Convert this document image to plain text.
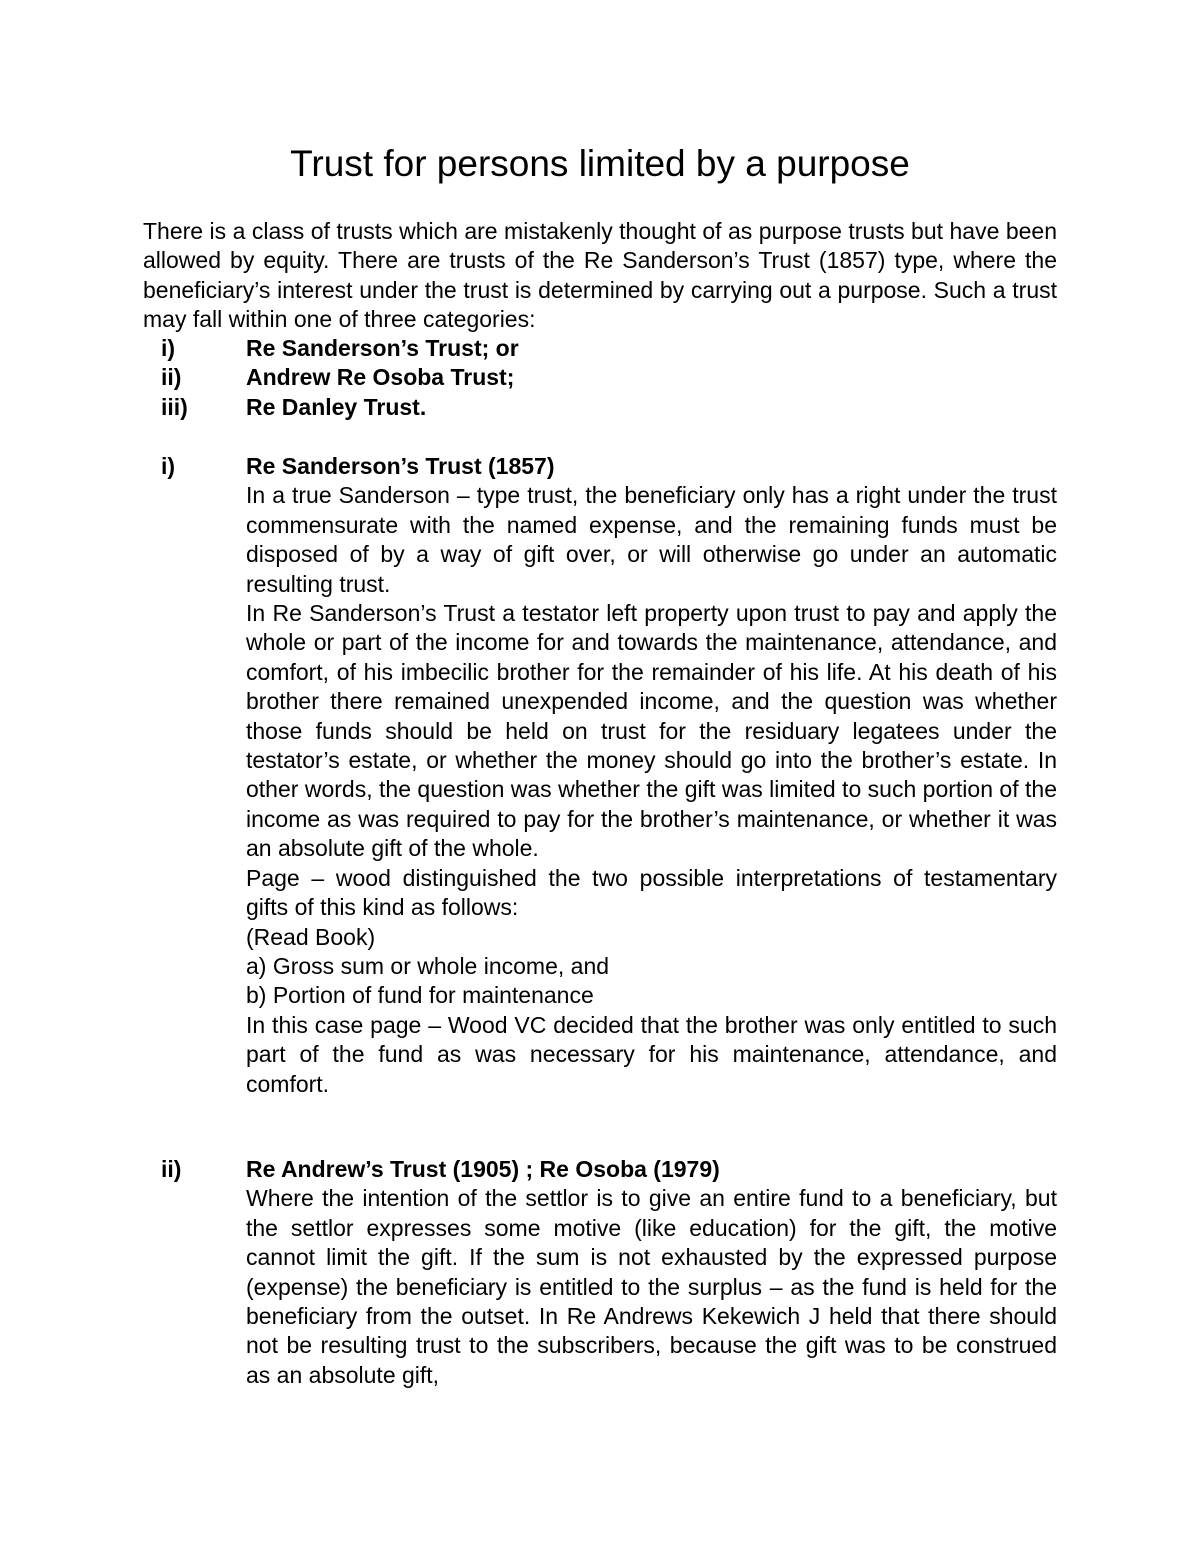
Trust for persons limited by a purpose

There is a class of trusts which are mistakenly thought of as purpose trusts but have been allowed by equity. There are trusts of the Re Sanderson’s Trust (1857) type, where the beneficiary’s interest under the trust is determined by carrying out a purpose. Such a trust may fall within one of three categories:

i)	Re Sanderson’s Trust; or
ii)	Andrew Re Osoba Trust;
iii)	Re Danley Trust.
i)	Re Sanderson’s Trust (1857)

In a true Sanderson – type trust, the beneficiary only has a right under the trust commensurate with the named expense, and the remaining funds must be disposed of by a way of gift over, or will otherwise go under an automatic resulting trust.

In Re Sanderson’s Trust a testator left property upon trust to pay and apply the whole or part of the income for and towards the maintenance, attendance, and comfort, of his imbecilic brother for the remainder of his life. At his death of his brother there remained unexpended income, and the question was whether those funds should be held on trust for the residuary legatees under the testator’s estate, or whether the money should go into the brother’s estate. In other words, the question was whether the gift was limited to such portion of the income as was required to pay for the brother’s maintenance, or whether it was an absolute gift of the whole.

Page – wood distinguished the two possible interpretations of testamentary gifts of this kind as follows:

(Read Book)

a) Gross sum or whole income, and

b) Portion of fund for maintenance

In this case page – Wood VC decided that the brother was only entitled to such part of the fund as was necessary for his maintenance, attendance, and comfort.

ii)	Re Andrew’s Trust (1905) ; Re Osoba (1979)

Where the intention of the settlor is to give an entire fund to a beneficiary, but the settlor expresses some motive (like education) for the gift, the motive cannot limit the gift. If the sum is not exhausted by the expressed purpose (expense) the beneficiary is entitled to the surplus – as the fund is held for the beneficiary from the outset. In Re Andrews Kekewich J held that there should not be resulting trust to the subscribers, because the gift was to be construed as an absolute gift,
